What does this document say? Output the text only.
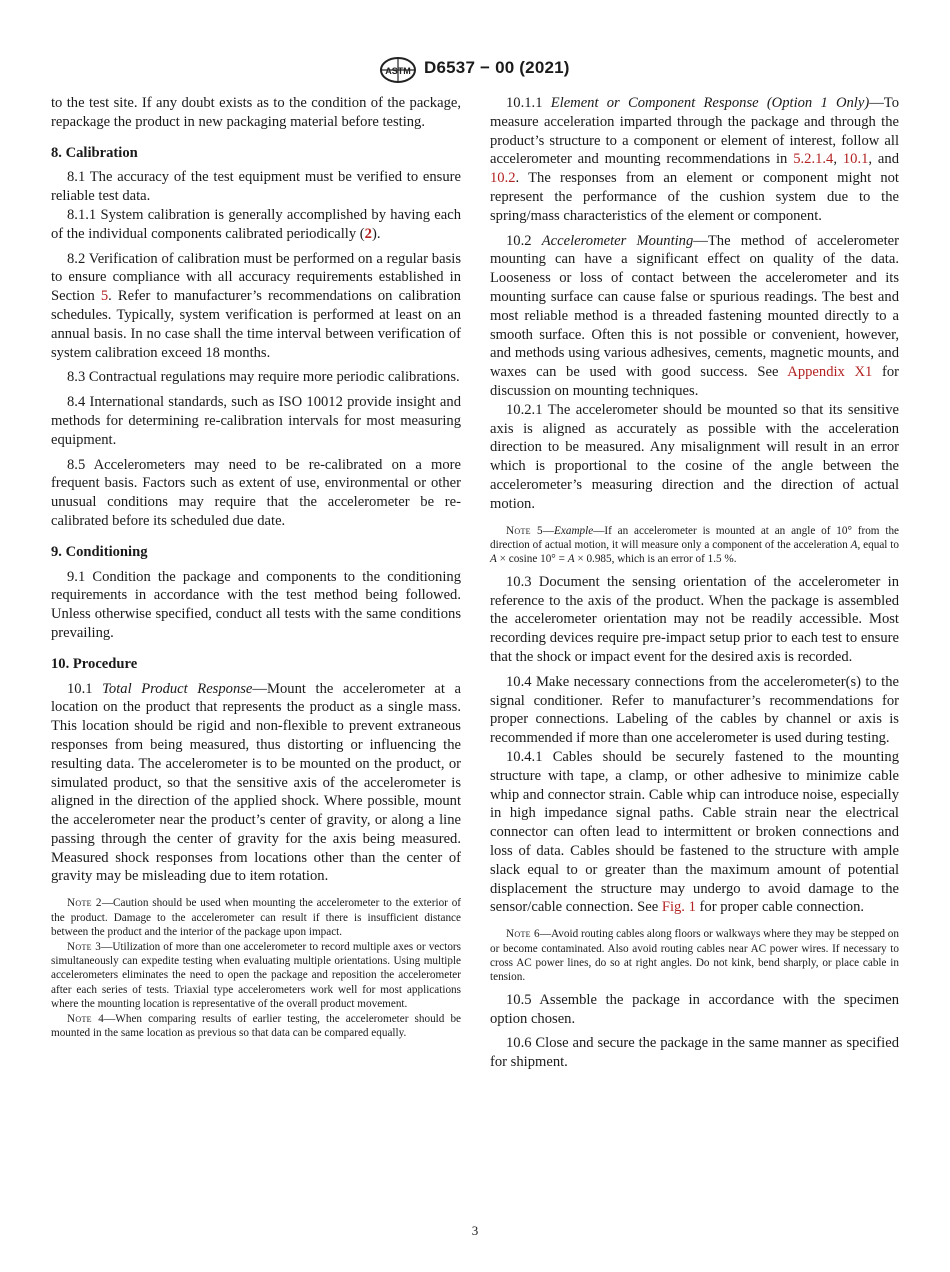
ASTM D6537 − 00 (2021)

to the test site. If any doubt exists as to the condition of the package, repackage the product in new packaging material before testing.

8. Calibration

8.1 The accuracy of the test equipment must be verified to ensure reliable test data.

8.1.1 System calibration is generally accomplished by having each of the individual components calibrated periodically (2).

8.2 Verification of calibration must be performed on a regular basis to ensure compliance with all accuracy requirements established in Section 5. Refer to manufacturer’s recommendations on calibration schedules. Typically, system verification is performed at least on an annual basis. In no case shall the time interval between verification of system calibration exceed 18 months.

8.3 Contractual regulations may require more periodic calibrations.

8.4 International standards, such as ISO 10012 provide insight and methods for determining re-calibration intervals for most measuring equipment.

8.5 Accelerometers may need to be re-calibrated on a more frequent basis. Factors such as extent of use, environmental or other unusual conditions may require that the accelerometer be re-calibrated before its scheduled due date.

9. Conditioning

9.1 Condition the package and components to the conditioning requirements in accordance with the test method being followed. Unless otherwise specified, conduct all tests with the same conditions prevailing.

10. Procedure

10.1 Total Product Response—Mount the accelerometer at a location on the product that represents the product as a single mass. This location should be rigid and non-flexible to prevent extraneous responses from being measured, thus distorting or influencing the resulting data. The accelerometer is to be mounted on the product, or simulated product, so that the sensitive axis of the accelerometer is aligned in the direction of the applied shock. Where possible, mount the accelerometer near the product’s center of gravity, or along a line passing through the center of gravity for the axis being measured. Measured shock responses from locations other than the center of gravity may be misleading due to item rotation.

Note 2—Caution should be used when mounting the accelerometer to the exterior of the product. Damage to the accelerometer can result if there is insufficient distance between the product and the interior of the package upon impact.

Note 3—Utilization of more than one accelerometer to record multiple axes or vectors simultaneously can expedite testing when evaluating multiple orientations. Using multiple accelerometers eliminates the need to open the package and reposition the accelerometer after each series of tests. Triaxial type accelerometers work well for most applications where the mounting location is representative of the overall product movement.

Note 4—When comparing results of earlier testing, the accelerometer should be mounted in the same location as previous so that data can be compared equally.

10.1.1 Element or Component Response (Option 1 Only)—To measure acceleration imparted through the package and through the product’s structure to a component or element of interest, follow all accelerometer and mounting recommendations in 5.2.1.4, 10.1, and 10.2. The responses from an element or component might not represent the performance of the cushion system due to the spring/mass characteristics of the element or component.

10.2 Accelerometer Mounting—The method of accelerometer mounting can have a significant effect on quality of the data. Looseness or loss of contact between the accelerometer and its mounting surface can cause false or spurious readings. The best and most reliable method is a threaded fastening mounted directly to a smooth surface. Often this is not possible or convenient, however, and methods using various adhesives, cements, magnetic mounts, and waxes can be used with good success. See Appendix X1 for discussion on mounting techniques.

10.2.1 The accelerometer should be mounted so that its sensitive axis is aligned as accurately as possible with the acceleration direction to be measured. Any misalignment will result in an error which is proportional to the cosine of the angle between the accelerometer’s measuring direction and the direction of actual motion.

Note 5—Example—If an accelerometer is mounted at an angle of 10° from the direction of actual motion, it will measure only a component of the acceleration A, equal to A × cosine 10° = A × 0.985, which is an error of 1.5 %.

10.3 Document the sensing orientation of the accelerometer in reference to the axis of the product. When the package is assembled the accelerometer orientation may not be readily accessible. Most recording devices require pre-impact setup prior to each test to ensure that the shock or impact event for the desired axis is recorded.

10.4 Make necessary connections from the accelerometer(s) to the signal conditioner. Refer to manufacturer’s recommendations for proper connections. Labeling of the cables by channel or axis is recommended if more than one accelerometer is used during testing.

10.4.1 Cables should be securely fastened to the mounting structure with tape, a clamp, or other adhesive to minimize cable whip and connector strain. Cable whip can introduce noise, especially in high impedance signal paths. Cable strain near the electrical connector can often lead to intermittent or broken connections and loss of data. Cables should be fastened to the structure with ample slack equal to or greater than the maximum amount of potential displacement the structure may undergo to avoid damage to the sensor/cable connection. See Fig. 1 for proper cable connection.

Note 6—Avoid routing cables along floors or walkways where they may be stepped on or become contaminated. Also avoid routing cables near AC power wires. If necessary to cross AC power lines, do so at right angles. Do not kink, bend sharply, or place cable in tension.

10.5 Assemble the package in accordance with the specimen option chosen.

10.6 Close and secure the package in the same manner as specified for shipment.

3
